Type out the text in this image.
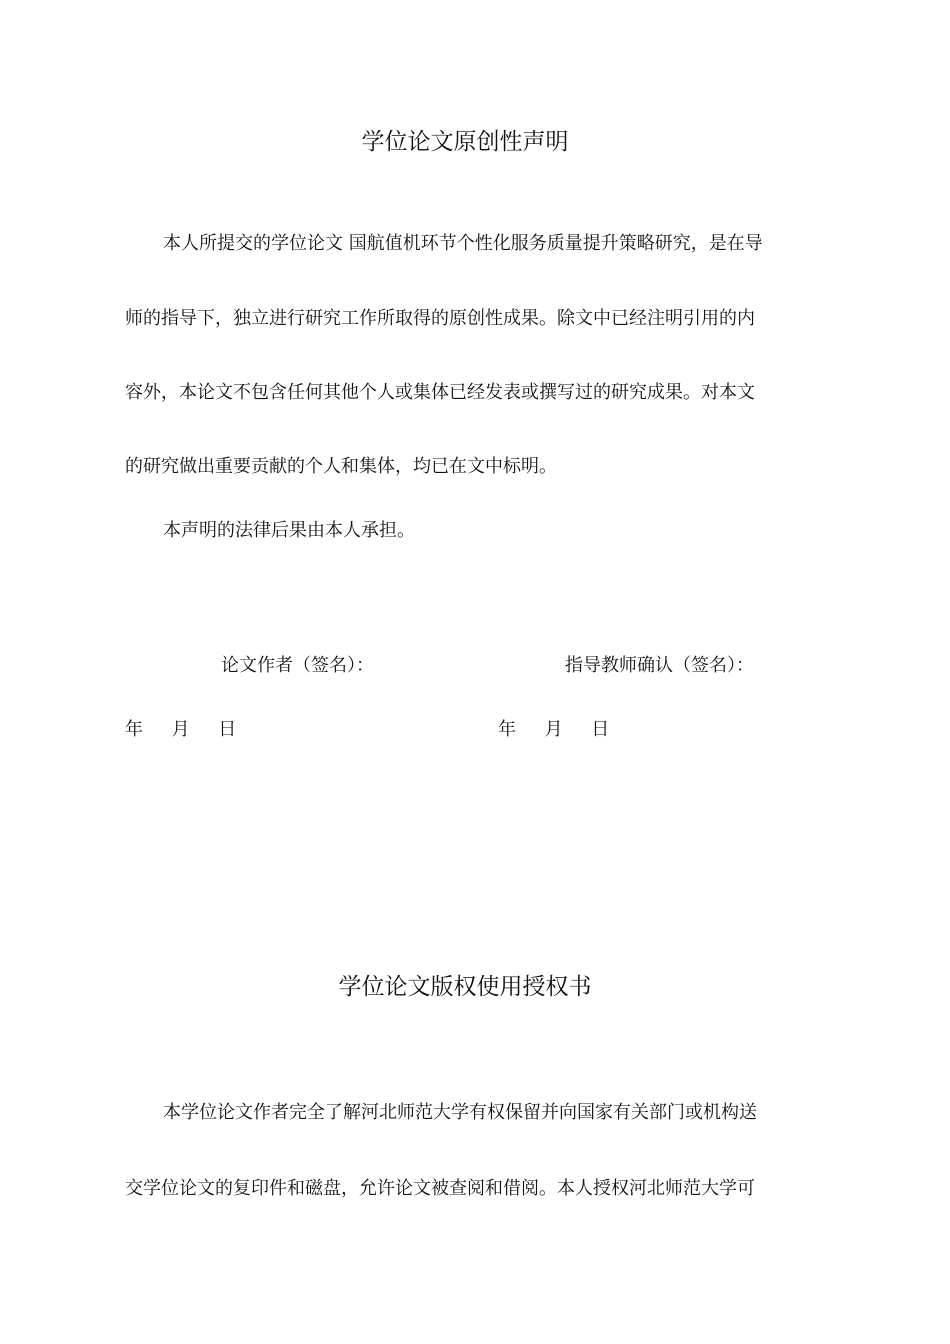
学位论文原创性声明
本人所提交的学位论文 国航值机环节个性化服务质量提升策略研究，是在导
师的指导下，独立进行研究工作所取得的原创性成果。除文中已经注明引用的内
容外，本论文不包含任何其他个人或集体已经发表或撰写过的研究成果。对本文
的研究做出重要贡献的个人和集体，均已在文中标明。
本声明的法律后果由本人承担。
论文作者（签名）：	指导教师确认（签名）：
年     月     日	年     月     日
学位论文版权使用授权书
本学位论文作者完全了解河北师范大学有权保留并向国家有关部门或机构送
交学位论文的复印件和磁盘，允许论文被查阅和借阅。本人授权河北师范大学可
